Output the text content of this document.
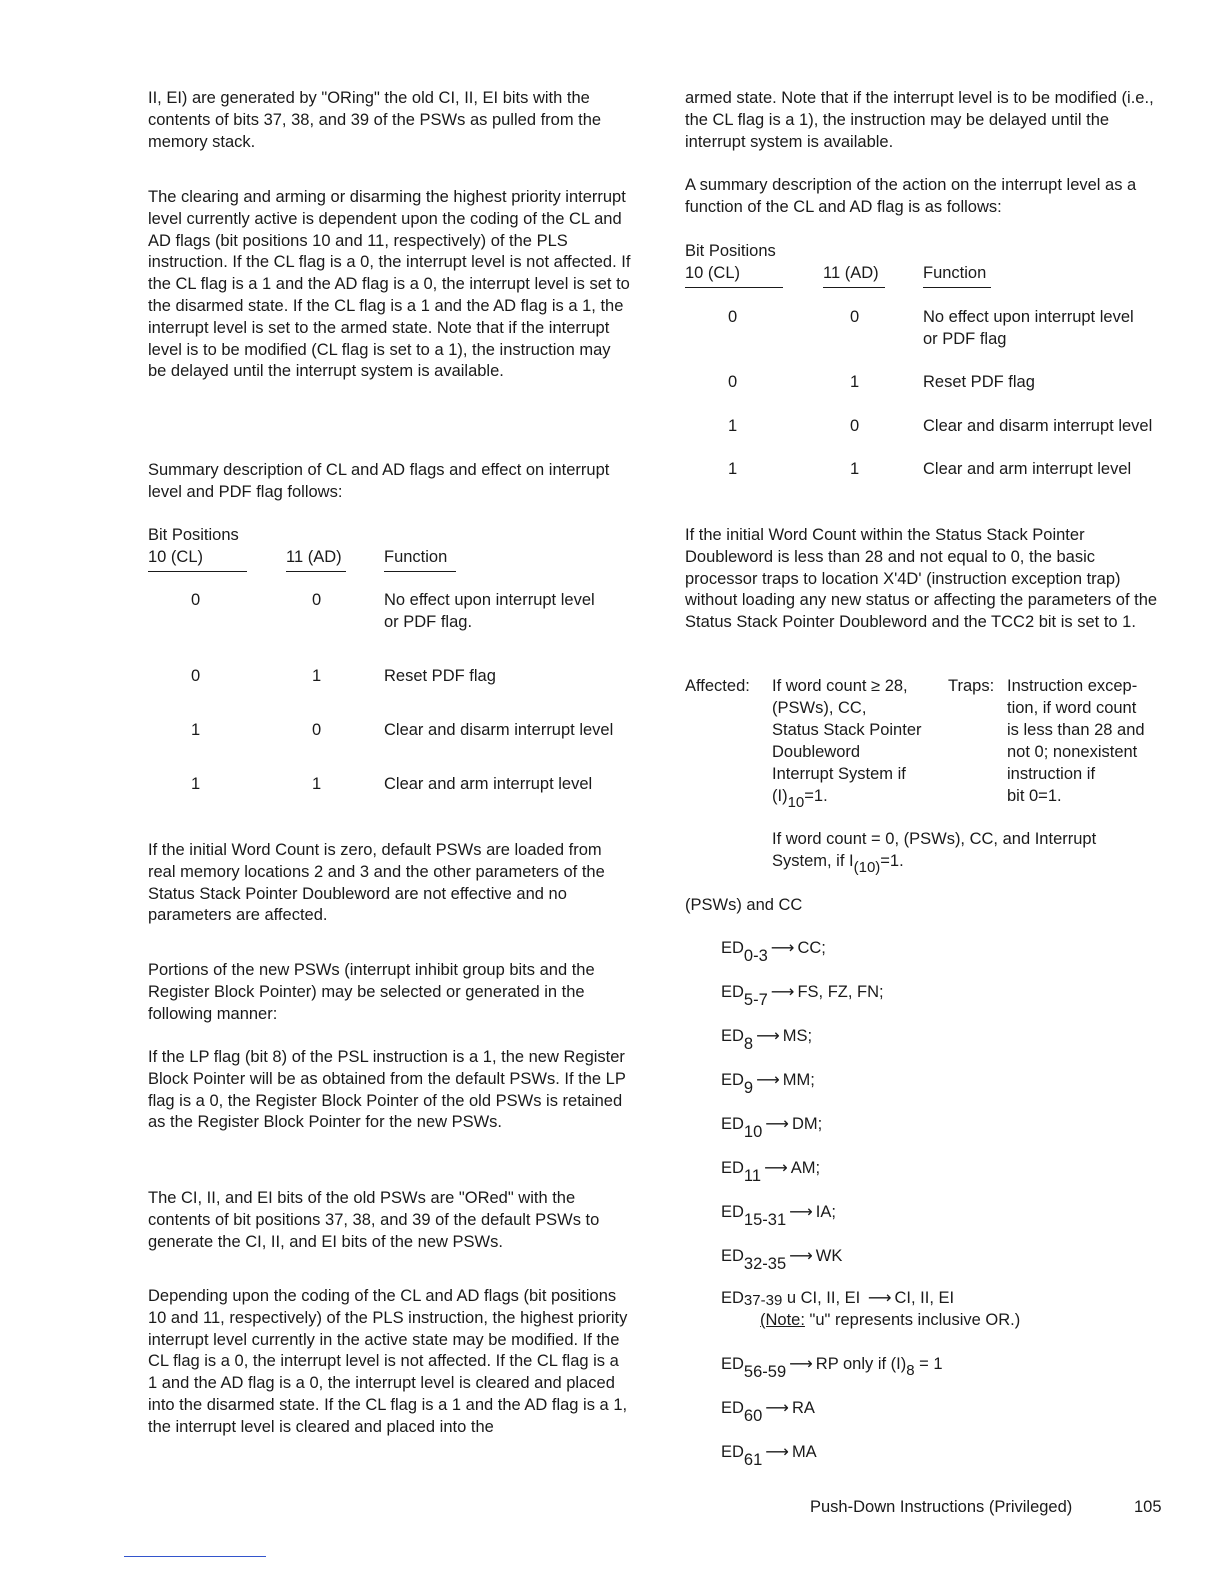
II, EI) are generated by "ORing" the old CI, II, EI bits with the contents of bits 37, 38, and 39 of the PSWs as pulled from the memory stack.

The clearing and arming or disarming the highest priority interrupt level currently active is dependent upon the coding of the CL and AD flags (bit positions 10 and 11, respectively) of the PLS instruction. If the CL flag is a 0, the interrupt level is not affected. If the CL flag is a 1 and the AD flag is a 0, the interrupt level is set to the disarmed state. If the CL flag is a 1 and the AD flag is a 1, the interrupt level is set to the armed state. Note that if the interrupt level is to be modified (CL flag is set to a 1), the instruction may be delayed until the interrupt system is available.

Summary description of CL and AD flags and effect on interrupt level and PDF flag follows:

Bit Positions
10 (CL)	11 (AD)	Function
0	0	No effect upon interrupt level
or PDF flag.
0	1	Reset PDF flag
1	0	Clear and disarm interrupt level
1	1	Clear and arm interrupt level

If the initial Word Count is zero, default PSWs are loaded from real memory locations 2 and 3 and the other parameters of the Status Stack Pointer Doubleword are not effective and no parameters are affected.

Portions of the new PSWs (interrupt inhibit group bits and the Register Block Pointer) may be selected or generated in the following manner:

If the LP flag (bit 8) of the PSL instruction is a 1, the new Register Block Pointer will be as obtained from the default PSWs. If the LP flag is a 0, the Register Block Pointer of the old PSWs is retained as the Register Block Pointer for the new PSWs.

The CI, II, and EI bits of the old PSWs are "ORed" with the contents of bit positions 37, 38, and 39 of the default PSWs to generate the CI, II, and EI bits of the new PSWs.

Depending upon the coding of the CL and AD flags (bit positions 10 and 11, respectively) of the PLS instruction, the highest priority interrupt level currently in the active state may be modified. If the CL flag is a 0, the interrupt level is not affected. If the CL flag is a 1 and the AD flag is a 0, the interrupt level is cleared and placed into the disarmed state. If the CL flag is a 1 and the AD flag is a 1, the interrupt level is cleared and placed into the

armed state. Note that if the interrupt level is to be modified (i.e., the CL flag is a 1), the instruction may be delayed until the interrupt system is available.

A summary description of the action on the interrupt level as a function of the CL and AD flag is as follows:

Bit Positions
10 (CL)	11 (AD)	Function
0	0	No effect upon interrupt level
or PDF flag
0	1	Reset PDF flag
1	0	Clear and disarm interrupt level
1	1	Clear and arm interrupt level

If the initial Word Count within the Status Stack Pointer Doubleword is less than 28 and not equal to 0, the basic processor traps to location X'4D' (instruction exception trap) without loading any new status or affecting the parameters of the Status Stack Pointer Doubleword and the TCC2 bit is set to 1.

Affected: If word count ≥ 28,
(PSWs), CC,
Status Stack Pointer
Doubleword
Interrupt System if
(I)10=1.
Traps: Instruction excep-
tion, if word count
is less than 28 and
not 0; nonexistent
instruction if
bit 0=1.
If word count = 0, (PSWs), CC, and Interrupt
System, if I(10)=1.
(PSWs) and CC
ED0-3 ⟶ CC;
ED5-7 ⟶ FS, FZ, FN;
ED8 ⟶ MS;
ED9 ⟶ MM;
ED10 ⟶ DM;
ED11 ⟶ AM;
ED15-31 ⟶ IA;
ED32-35 ⟶ WK
ED37-39 u CI, II, EI ⟶ CI, II, EI
(Note: "u" represents inclusive OR.)
ED56-59 ⟶ RP only if (I)8 = 1
ED60 ⟶ RA
ED61 ⟶ MA
Push-Down Instructions (Privileged)	105
